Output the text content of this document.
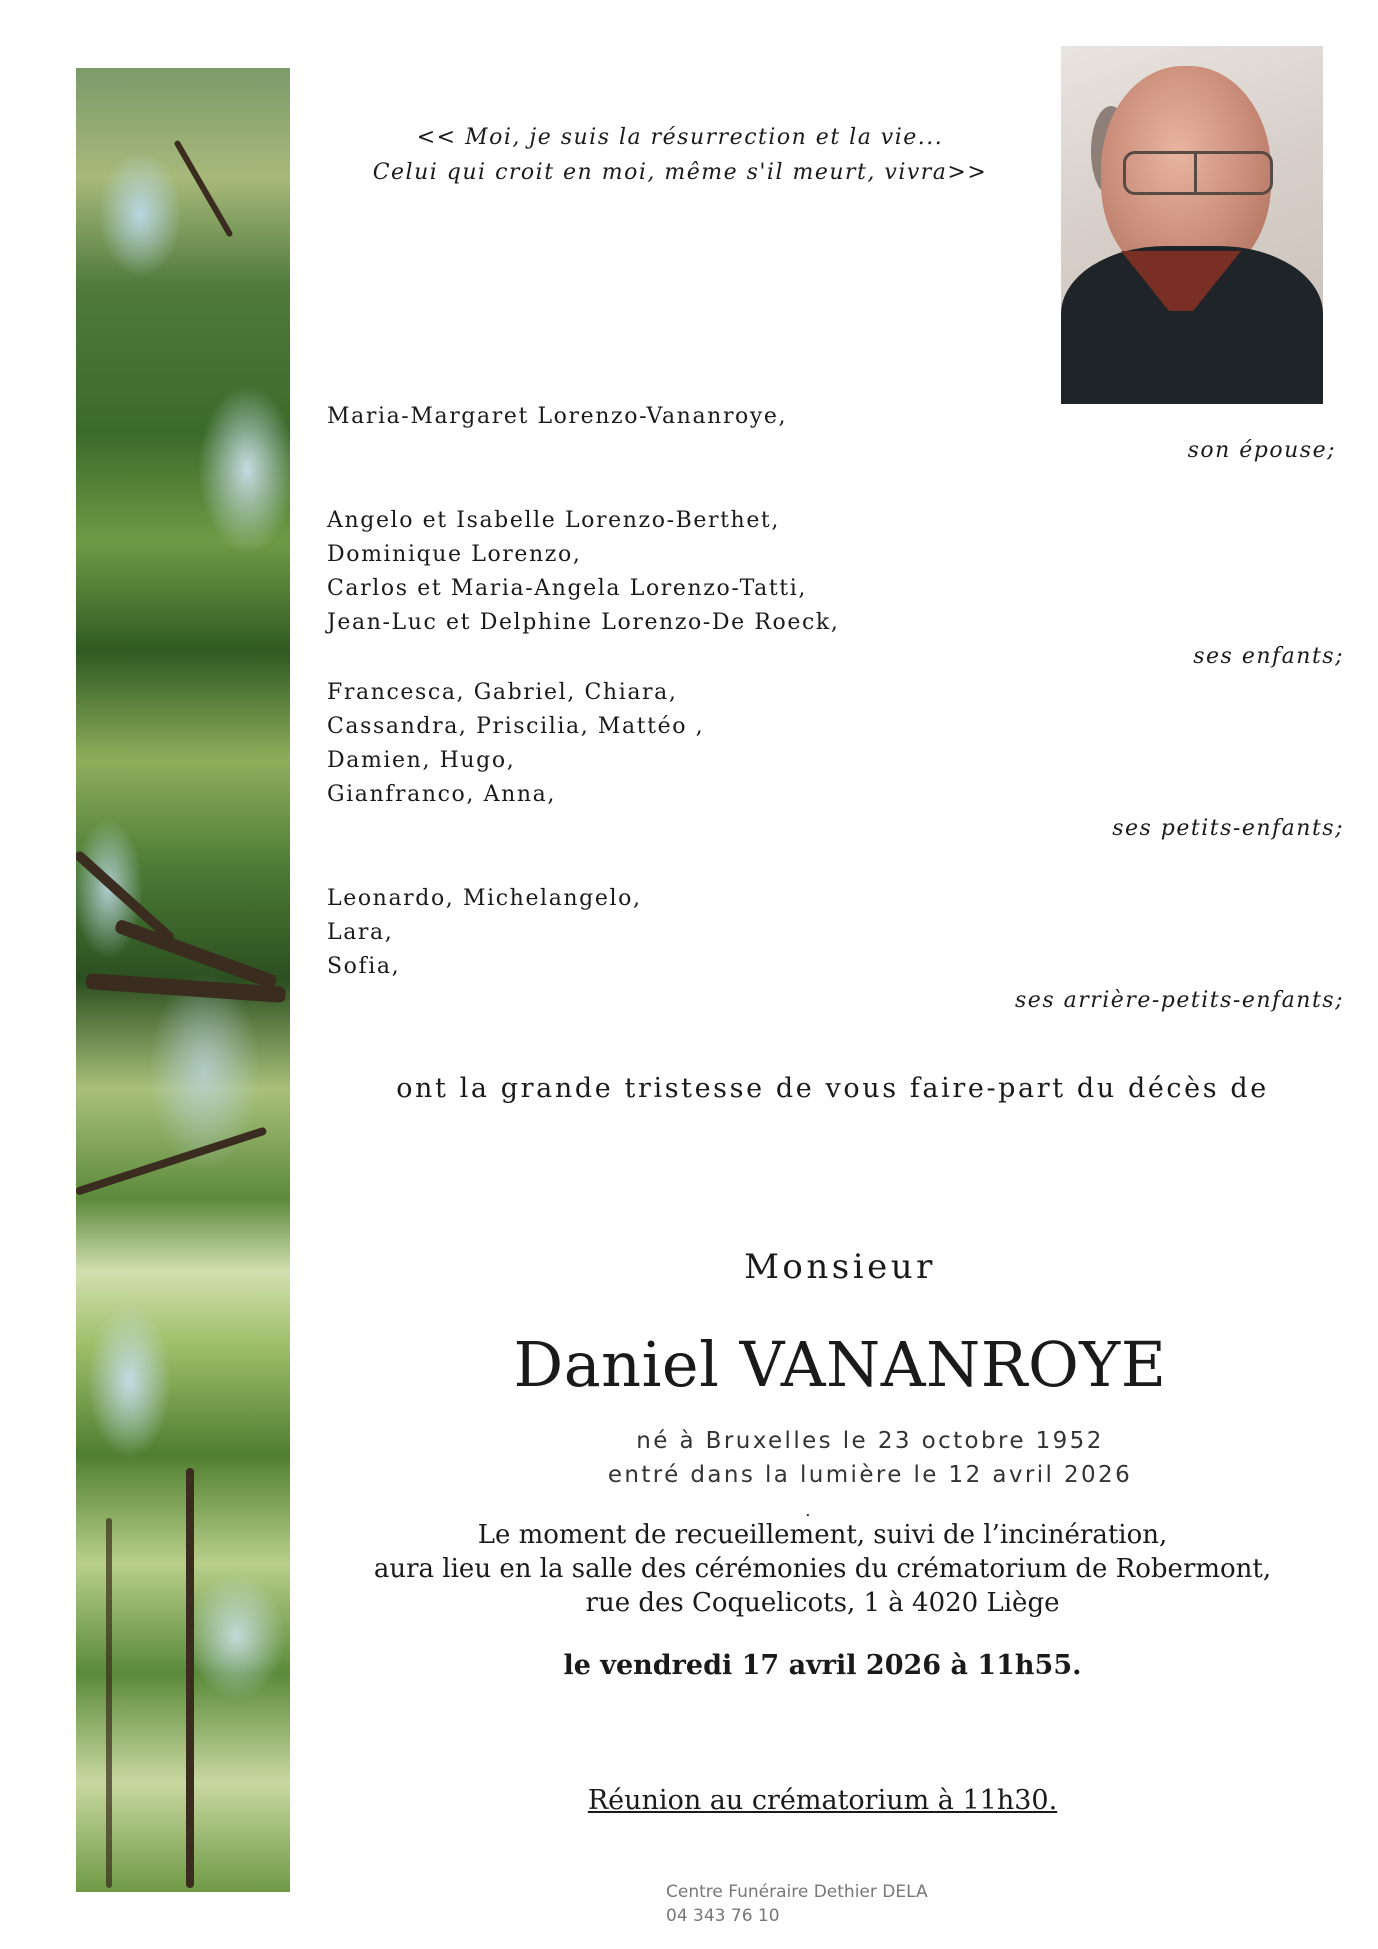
<< Moi, je suis la résurrection et la vie...
Celui qui croit en moi, même s'il meurt, vivra>>
Maria-Margaret Lorenzo-Vananroye,
son épouse;
Angelo et Isabelle Lorenzo-Berthet,
Dominique Lorenzo,
Carlos et Maria-Angela Lorenzo-Tatti,
Jean-Luc et Delphine Lorenzo-De Roeck,
ses enfants;
Francesca, Gabriel, Chiara,
Cassandra, Priscilia, Mattéo ,
Damien, Hugo,
Gianfranco, Anna,
ses petits-enfants;
Leonardo, Michelangelo,
Lara,
Sofia,
ses arrière-petits-enfants;
ont la grande tristesse de vous faire-part du décès de
Monsieur
Daniel VANANROYE
né à Bruxelles le 23 octobre 1952
entré dans la lumière le 12 avril 2026
.
Le moment de recueillement, suivi de l’incinération,
aura lieu en la salle des cérémonies du crématorium de Robermont,
rue des Coquelicots, 1 à 4020 Liège
le vendredi 17 avril 2026 à 11h55.
Réunion au crématorium à 11h30.
Centre Funéraire Dethier DELA
04 343 76 10
